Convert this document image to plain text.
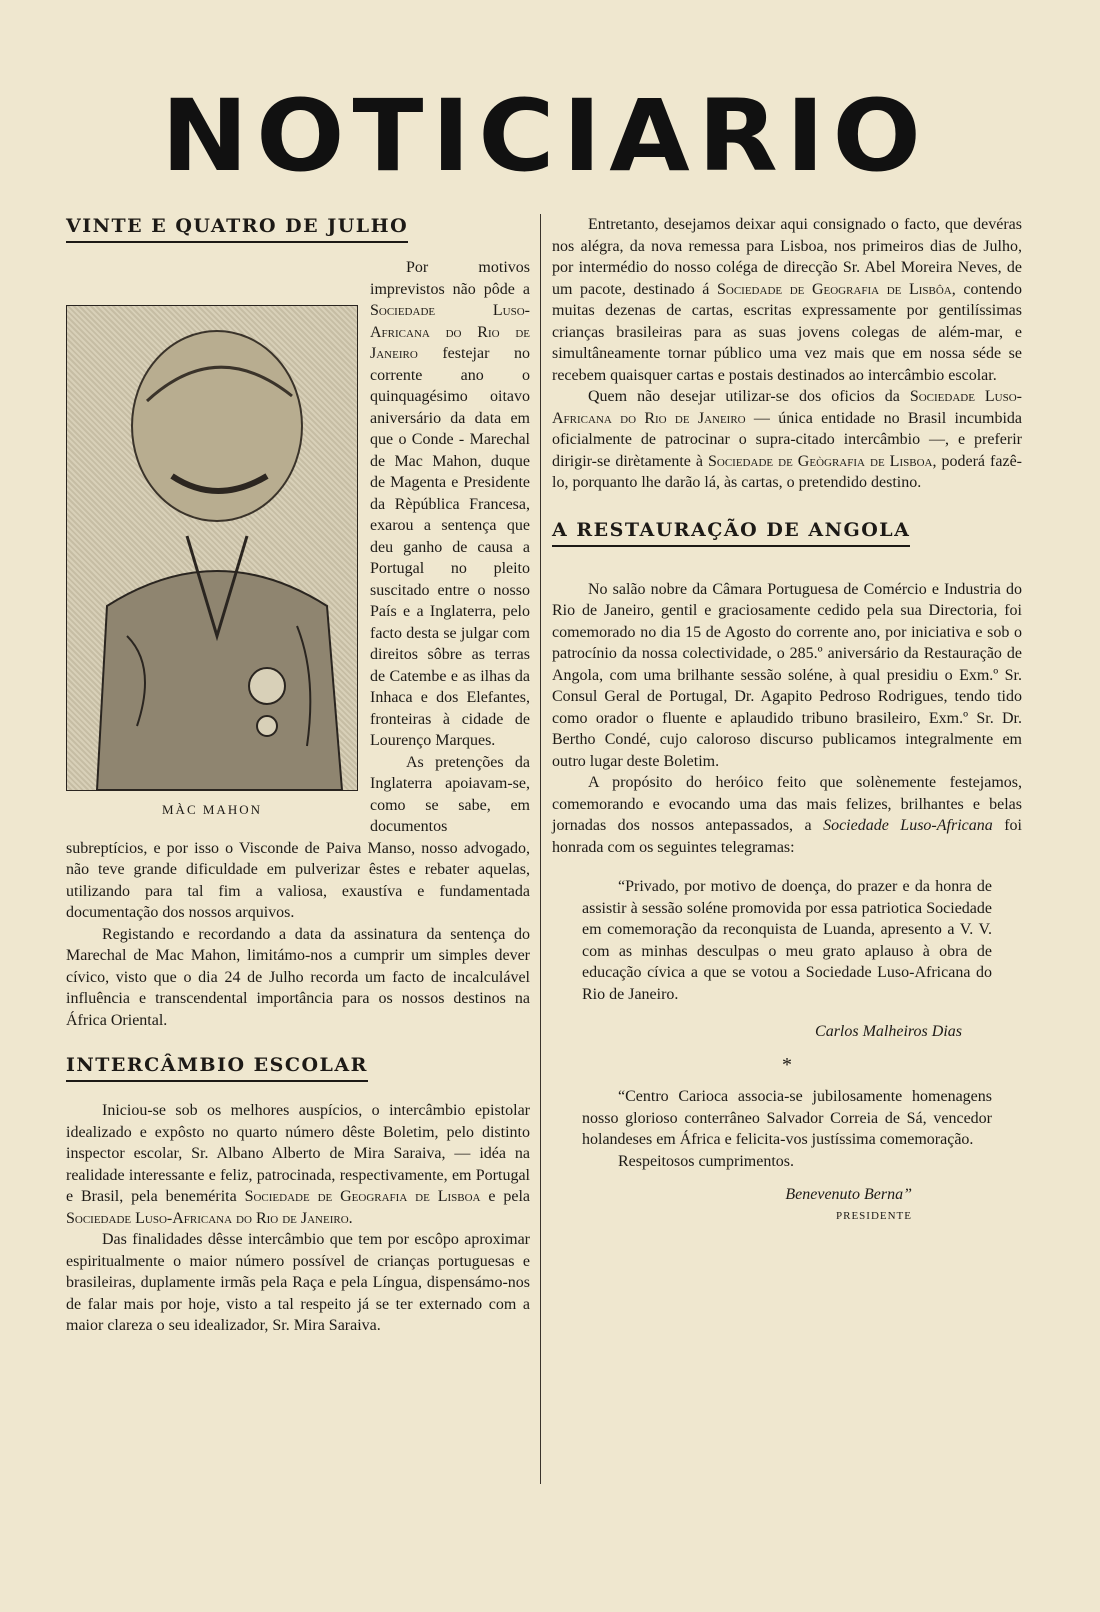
NOTICIARIO
VINTE E QUATRO DE JULHO
MÀC MAHON

Por motivos imprevistos não pôde a Sociedade Luso-Africana do Rio de Janeiro festejar no corrente ano o quinquagésimo oitavo aniversário da data em que o Conde - Marechal de Mac Mahon, duque de Magenta e Presidente da Rèpública Francesa, exarou a sentença que deu ganho de causa a Portugal no pleito suscitado entre o nosso País e a Inglaterra, pelo facto desta se julgar com direitos sôbre as terras de Catembe e as ilhas da Inhaca e dos Elefantes, fronteiras à cidade de Lourenço Marques.

As pretenções da Inglaterra apoiavam-se, como se sabe, em documentos subreptícios, e por isso o Visconde de Paiva Manso, nosso advogado, não teve grande dificuldade em pulverizar êstes e rebater aquelas, utilizando para tal fim a valiosa, exaustíva e fundamentada documentação dos nossos arquivos.

Registando e recordando a data da assinatura da sentença do Marechal de Mac Mahon, limitámo-nos a cumprir um simples dever cívico, visto que o dia 24 de Julho recorda um facto de incalculável influência e transcendental importância para os nossos destinos na África Oriental.

INTERCÂMBIO ESCOLAR

Iniciou-se sob os melhores auspícios, o intercâmbio epistolar idealizado e expôsto no quarto número dêste Boletim, pelo distinto inspector escolar, Sr. Albano Alberto de Mira Saraiva, — idéa na realidade interessante e feliz, patrocinada, respectivamente, em Portugal e Brasil, pela benemérita Sociedade de Geografia de Lisboa e pela Sociedade Luso-Africana do Rio de Janeiro.

Das finalidades dêsse intercâmbio que tem por escôpo aproximar espiritualmente o maior número possível de crianças portuguesas e brasileiras, duplamente irmãs pela Raça e pela Língua, dispensámo-nos de falar mais por hoje, visto a tal respeito já se ter externado com a maior clareza o seu idealizador, Sr. Mira Saraiva.

Entretanto, desejamos deixar aqui consignado o facto, que devéras nos alégra, da nova remessa para Lisboa, nos primeiros dias de Julho, por intermédio do nosso coléga de direcção Sr. Abel Moreira Neves, de um pacote, destinado á Sociedade de Geografia de Lisbôa, contendo muitas dezenas de cartas, escritas expressamente por gentilíssimas crianças brasileiras para as suas jovens colegas de além-mar, e simultâneamente tornar público uma vez mais que em nossa séde se recebem quaisquer cartas e postais destinados ao intercâmbio escolar.

Quem não desejar utilizar-se dos oficios da Sociedade Luso-Africana do Rio de Janeiro — única entidade no Brasil incumbida oficialmente de patrocinar o supra-citado intercâmbio —, e preferir dirigir-se dirètamente à Sociedade de Geògrafia de Lisboa, poderá fazê-lo, porquanto lhe darão lá, às cartas, o pretendido destino.

A RESTAURAÇÃO DE ANGOLA

No salão nobre da Câmara Portuguesa de Comércio e Industria do Rio de Janeiro, gentil e graciosamente cedido pela sua Directoria, foi comemorado no dia 15 de Agosto do corrente ano, por iniciativa e sob o patrocínio da nossa colectividade, o 285.º aniversário da Restauração de Angola, com uma brilhante sessão soléne, à qual presidiu o Exm.º Sr. Consul Geral de Portugal, Dr. Agapito Pedroso Rodrigues, tendo tido como orador o fluente e aplaudido tribuno brasileiro, Exm.º Sr. Dr. Bertho Condé, cujo caloroso discurso publicamos integralmente em outro lugar deste Boletim.

A propósito do heróico feito que solènemente festejamos, comemorando e evocando uma das mais felizes, brilhantes e belas jornadas dos nossos antepassados, a Sociedade Luso-Africana foi honrada com os seguintes telegramas:

“Privado, por motivo de doença, do prazer e da honra de assistir à sessão soléne promovida por essa patriotica Sociedade em comemoração da reconquista de Luanda, apresento a V. V. com as minhas desculpas o meu grato aplauso à obra de educação cívica a que se votou a Sociedade Luso-Africana do Rio de Janeiro.

Carlos Malheiros Dias
*

“Centro Carioca associa-se jubilosamente homenagens nosso glorioso conterrâneo Salvador Correia de Sá, vencedor holandeses em África e felicita-vos justíssima comemoração.

Respeitosos cumprimentos.

Benevenuto Berna”
PRESIDENTE
